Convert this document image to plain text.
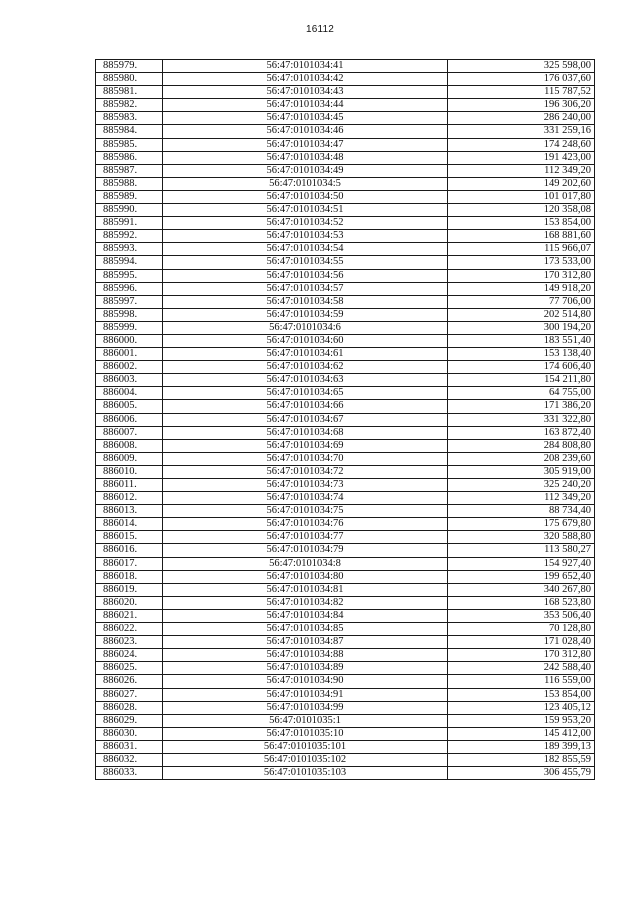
16112
885979.	56:47:0101034:41	325 598,00
885980.	56:47:0101034:42	176 037,60
885981.	56:47:0101034:43	115 787,52
885982.	56:47:0101034:44	196 306,20
885983.	56:47:0101034:45	286 240,00
885984.	56:47:0101034:46	331 259,16
885985.	56:47:0101034:47	174 248,60
885986.	56:47:0101034:48	191 423,00
885987.	56:47:0101034:49	112 349,20
885988.	56:47:0101034:5	149 202,60
885989.	56:47:0101034:50	101 017,80
885990.	56:47:0101034:51	120 358,08
885991.	56:47:0101034:52	153 854,00
885992.	56:47:0101034:53	168 881,60
885993.	56:47:0101034:54	115 966,07
885994.	56:47:0101034:55	173 533,00
885995.	56:47:0101034:56	170 312,80
885996.	56:47:0101034:57	149 918,20
885997.	56:47:0101034:58	77 706,00
885998.	56:47:0101034:59	202 514,80
885999.	56:47:0101034:6	300 194,20
886000.	56:47:0101034:60	183 551,40
886001.	56:47:0101034:61	153 138,40
886002.	56:47:0101034:62	174 606,40
886003.	56:47:0101034:63	154 211,80
886004.	56:47:0101034:65	64 755,00
886005.	56:47:0101034:66	171 386,20
886006.	56:47:0101034:67	331 322,80
886007.	56:47:0101034:68	163 872,40
886008.	56:47:0101034:69	284 808,80
886009.	56:47:0101034:70	208 239,60
886010.	56:47:0101034:72	305 919,00
886011.	56:47:0101034:73	325 240,20
886012.	56:47:0101034:74	112 349,20
886013.	56:47:0101034:75	88 734,40
886014.	56:47:0101034:76	175 679,80
886015.	56:47:0101034:77	320 588,80
886016.	56:47:0101034:79	113 580,27
886017.	56:47:0101034:8	154 927,40
886018.	56:47:0101034:80	199 652,40
886019.	56:47:0101034:81	340 267,80
886020.	56:47:0101034:82	168 523,80
886021.	56:47:0101034:84	353 506,40
886022.	56:47:0101034:85	70 128,80
886023.	56:47:0101034:87	171 028,40
886024.	56:47:0101034:88	170 312,80
886025.	56:47:0101034:89	242 588,40
886026.	56:47:0101034:90	116 559,00
886027.	56:47:0101034:91	153 854,00
886028.	56:47:0101034:99	123 405,12
886029.	56:47:0101035:1	159 953,20
886030.	56:47:0101035:10	145 412,00
886031.	56:47:0101035:101	189 399,13
886032.	56:47:0101035:102	182 855,59
886033.	56:47:0101035:103	306 455,79
